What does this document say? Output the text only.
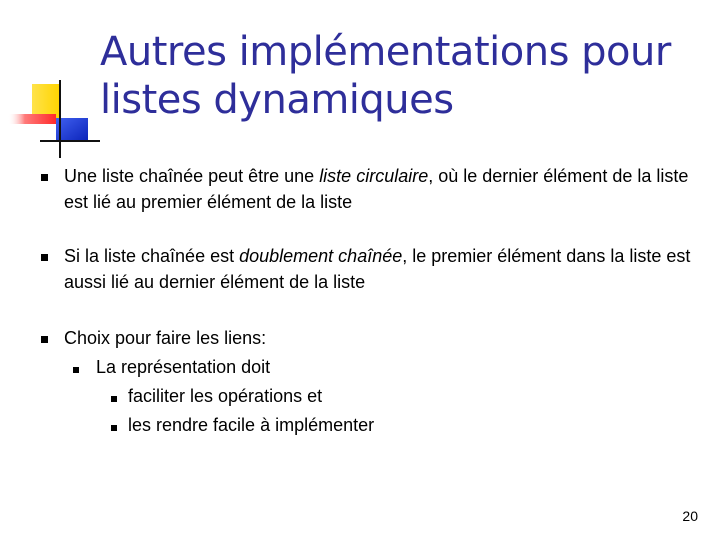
Autres implémentations pour
listes dynamiques

Une liste chaînée peut être une liste circulaire, où le dernier élément de la liste est lié au premier élément de la liste

Si la liste chaînée est doublement chaînée, le premier élément dans la liste est aussi lié au dernier élément de la liste

Choix pour faire les liens:

La représentation doit

faciliter les opérations et

les rendre facile à implémenter

20
